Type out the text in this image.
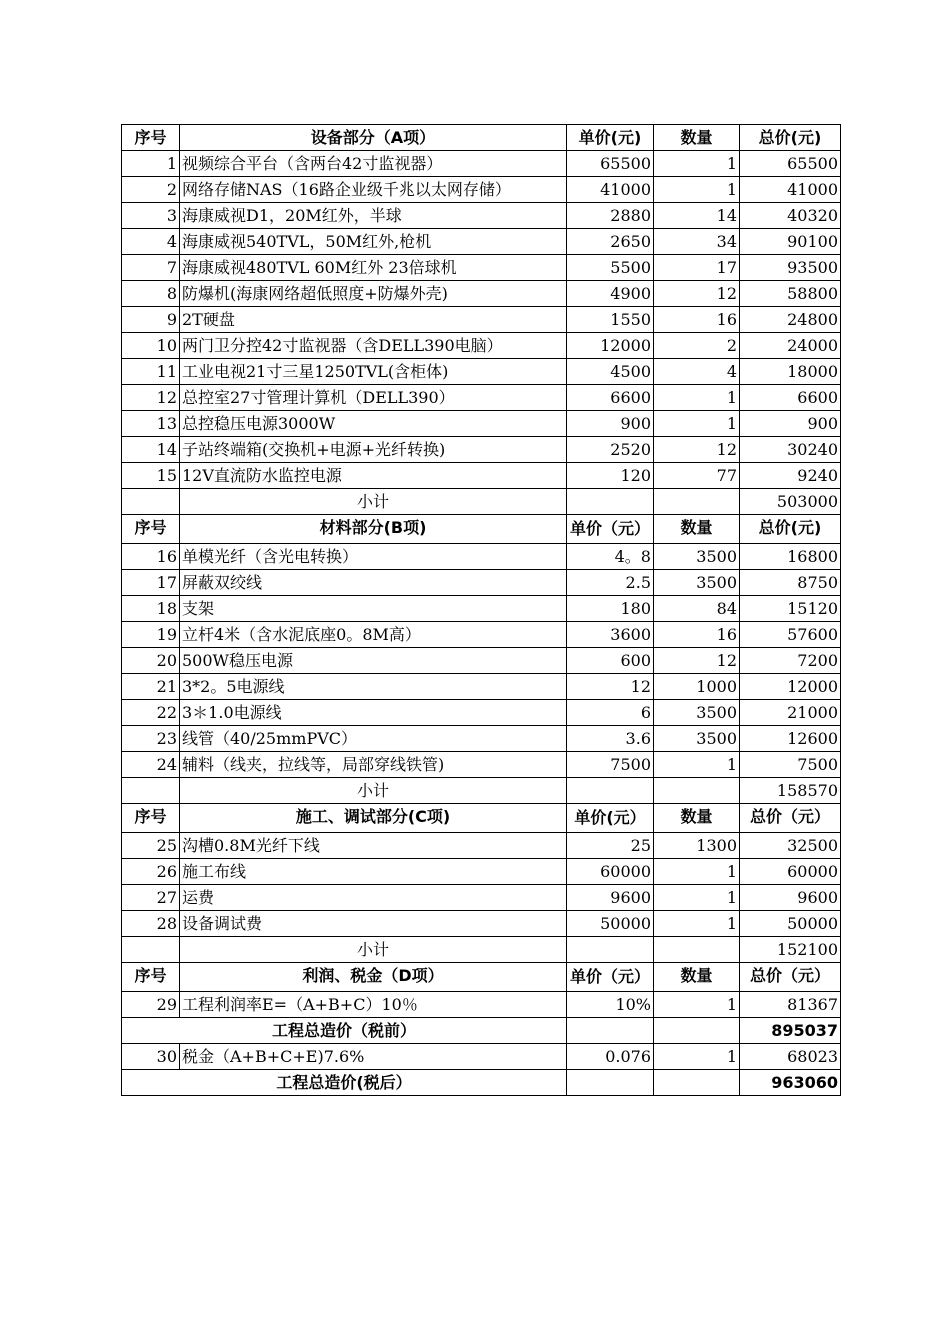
序号	设备部分（A项）	单价(元)	数量	总价(元)
1	视频综合平台（含两台42寸监视器）	65500	1	65500
2	网络存储NAS（16路企业级千兆以太网存储）	41000	1	41000
3	海康威视D1，20M红外，半球	2880	14	40320
4	海康威视540TVL，50M红外,枪机	2650	34	90100
7	海康威视480TVL 60M红外 23倍球机	5500	17	93500
8	防爆机(海康网络超低照度+防爆外壳)	4900	12	58800
9	2T硬盘	1550	16	24800
10	两门卫分控42寸监视器（含DELL390电脑）	12000	2	24000
11	工业电视21寸三星1250TVL(含柜体)	4500	4	18000
12	总控室27寸管理计算机（DELL390）	6600	1	6600
13	总控稳压电源3000W	900	1	900
14	子站终端箱(交换机+电源+光纤转换)	2520	12	30240
15	12V直流防水监控电源	120	77	9240
	小计			503000
序号	材料部分(B项)	单价（元）	数量	总价(元)
16	单模光纤（含光电转换）	4。8	3500	16800
17	屏蔽双绞线	2.5	3500	8750
18	支架	180	84	15120
19	立杆4米（含水泥底座0。8M高）	3600	16	57600
20	500W稳压电源	600	12	7200
21	3*2。5电源线	12	1000	12000
22	3＊1.0电源线	6	3500	21000
23	线管（40/25mmPVC）	3.6	3500	12600
24	辅料（线夹，拉线等，局部穿线铁管)	7500	1	7500
	小计			158570
序号	施工、调试部分(C项)	单价(元）	数量	总价（元）
25	沟槽0.8M光纤下线	25	1300	32500
26	施工布线	60000	1	60000
27	运费	9600	1	9600
28	设备调试费	50000	1	50000
	小计			152100
序号	利润、税金（D项）	单价（元）	数量	总价（元）
29	工程利润率E=（A+B+C）10％	10%	1	81367
工程总造价（税前）				895037
30	税金（A+B+C+E)7.6%	0.076	1	68023
工程总造价(税后）				963060
